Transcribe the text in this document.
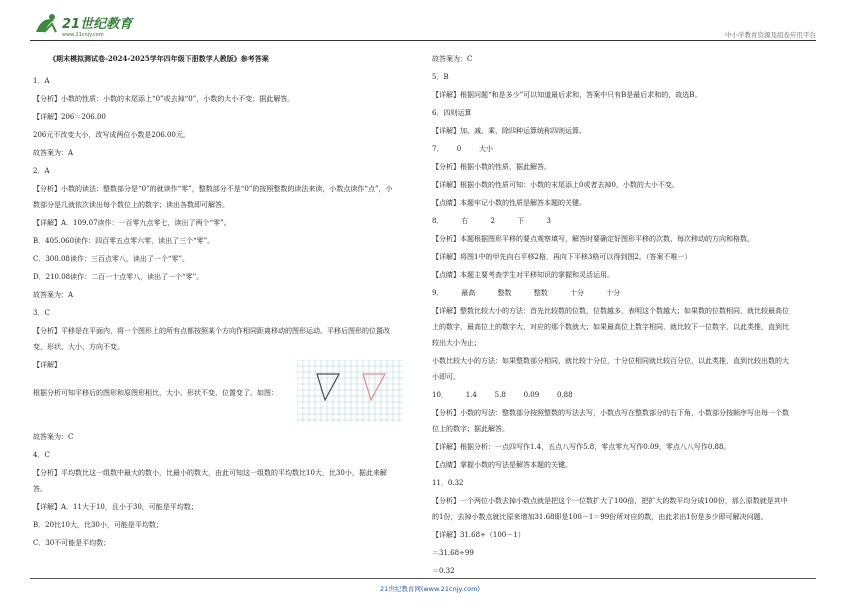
21世纪教育
www.21cnjy.com	中小学教育资源及组卷应用平台
《期末模拟测试卷-2024-2025学年四年级下册数学人教版》参考答案
1．A
【分析】小数的性质：小数的末尾添上“0”或去掉“0”，小数的大小不变；据此解答。
【详解】206＝206.00
206元不改变大小，改写成两位小数是206.00元。
故答案为：A
2．A
【分析】小数的读法：整数部分是“0”的就读作“零”，整数部分不是“0”的按照整数的读法来读，小数点读作“点”，小
数部分是几就依次读出每个数位上的数字；读出各数即可解答。
【详解】A．109.07读作：一百零九点零七，读出了两个“零”。
B．405.060读作：四百零五点零六零，读出了三个“零”。
C．300.08读作：三百点零八，读出了一个“零”。
D．210.08读作：二百一十点零八，读出了一个“零”。
故答案为：A
3．C
【分析】平移是在平面内，将一个图形上的所有点都按照某个方向作相同距离移动的图形运动。平移后图形的位置改
变，形状、大小、方向不变。
【详解】
根据分析可知平移后的图形和原图形相比，大小、形状不变，位置变了。如图：
故答案为：C
4．C
【分析】平均数比这一组数中最大的数小，比最小的数大，由此可知这一组数的平均数比10大，比30小，据此来解
答。
【详解】A．11大于10，且小于30，可能是平均数；
B．20比10大，比30小，可能是平均数；
C．30不可能是平均数；
故答案为：C
5．B
【详解】根据问题“和是多少”可以知道最后求和，答案中只有B是最后求和的，故选B。
6．四则运算
【详解】加、减、乘、除四种运算统称四则运算。
7．      0        大小
【分析】根据小数的性质，据此解答。
【详解】根据小数的性质可知：小数的末尾添上0或者去掉0，小数的大小不变。
【点睛】本题牢记小数的性质是解答本题的关键。
8．        右          2          下          3
【分析】本题根据图形平移的要点观察填写，解答时要确定好图形平移的次数、每次移动的方向和格数。
【详解】将图1中的甲先向右平移2格，再向下平移3格可以得到图2。（答案不唯一）
【点睛】本题主要考查学生对平移知识的掌握和灵活运用。
9．        最高          整数          整数          十分          十分
【详解】整数比较大小的方法：首先比较数的位数，位数越多，表明这个数越大；如果数的位数相同，就比较最高位
上的数字，最高位上的数字大，对应的那个数就大；如果最高位上数字相同，就比较下一位数字，以此类推，直到比
较出大小为止；
小数比较大小的方法：如果整数部分相同，就比较十分位，十分位相同就比较百分位，以此类推，直到比较出数的大
小即可。
10．        1.4        5.8        0.09        0.88
【分析】小数的写法：整数部分按照整数的写法去写，小数点写在整数部分的右下角，小数部分按顺序写出每一个数
位上的数字；据此解答。
【详解】根据分析：一点四写作1.4，五点八写作5.8，零点零九写作0.09，零点八八写作0.88。
【点睛】掌握小数的写法是解答本题的关键。
11．0.32
【分析】一个两位小数去掉小数点就是把这个一位数扩大了100倍，把扩大的数平均分成100份，那么原数就是其中
的1份，去掉小数点就比原来增加31.68即是100－1＝99份所对应的数，由此求出1份是多少即可解决问题。
【详解】31.68÷（100－1）
＝31.68÷99
＝0.32
21世纪教育网(www.21cnjy.com)
